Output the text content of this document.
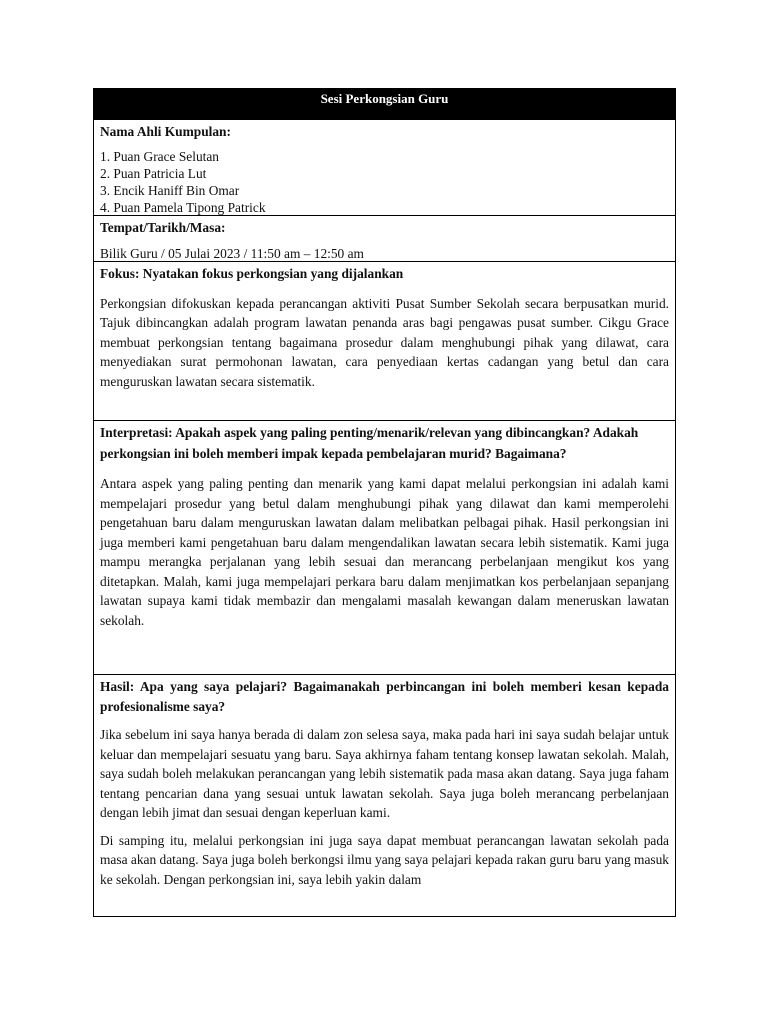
Sesi Perkongsian Guru

Nama Ahli Kumpulan:

1. Puan Grace Selutan
2. Puan Patricia Lut
3. Encik Haniff Bin Omar
4. Puan Pamela Tipong Patrick

Tempat/Tarikh/Masa:

Bilik Guru / 05 Julai 2023 / 11:50 am – 12:50 am

Fokus: Nyatakan fokus perkongsian yang dijalankan

Perkongsian difokuskan kepada perancangan aktiviti Pusat Sumber Sekolah secara berpusatkan murid. Tajuk dibincangkan adalah program lawatan penanda aras bagi pengawas pusat sumber. Cikgu Grace membuat perkongsian tentang bagaimana prosedur dalam menghubungi pihak yang dilawat, cara menyediakan surat permohonan lawatan, cara penyediaan kertas cadangan yang betul dan cara menguruskan lawatan secara sistematik.

Interpretasi: Apakah aspek yang paling penting/menarik/relevan yang dibincangkan? Adakah perkongsian ini boleh memberi impak kepada pembelajaran murid? Bagaimana?

Antara aspek yang paling penting dan menarik yang kami dapat melalui perkongsian ini adalah kami mempelajari prosedur yang betul dalam menghubungi pihak yang dilawat dan kami memperolehi pengetahuan baru dalam menguruskan lawatan dalam melibatkan pelbagai pihak. Hasil perkongsian ini juga memberi kami pengetahuan baru dalam mengendalikan lawatan secara lebih sistematik. Kami juga mampu merangka perjalanan yang lebih sesuai dan merancang perbelanjaan mengikut kos yang ditetapkan. Malah, kami juga mempelajari perkara baru dalam menjimatkan kos perbelanjaan sepanjang lawatan supaya kami tidak membazir dan mengalami masalah kewangan dalam meneruskan lawatan sekolah.

Hasil: Apa yang saya pelajari? Bagaimanakah perbincangan ini boleh memberi kesan kepada profesionalisme saya?

Jika sebelum ini saya hanya berada di dalam zon selesa saya, maka pada hari ini saya sudah belajar untuk keluar dan mempelajari sesuatu yang baru. Saya akhirnya faham tentang konsep lawatan sekolah. Malah, saya sudah boleh melakukan perancangan yang lebih sistematik pada masa akan datang. Saya juga faham tentang pencarian dana yang sesuai untuk lawatan sekolah. Saya juga boleh merancang perbelanjaan dengan lebih jimat dan sesuai dengan keperluan kami.

Di samping itu, melalui perkongsian ini juga saya dapat membuat perancangan lawatan sekolah pada masa akan datang. Saya juga boleh berkongsi ilmu yang saya pelajari kepada rakan guru baru yang masuk ke sekolah. Dengan perkongsian ini, saya lebih yakin dalam
